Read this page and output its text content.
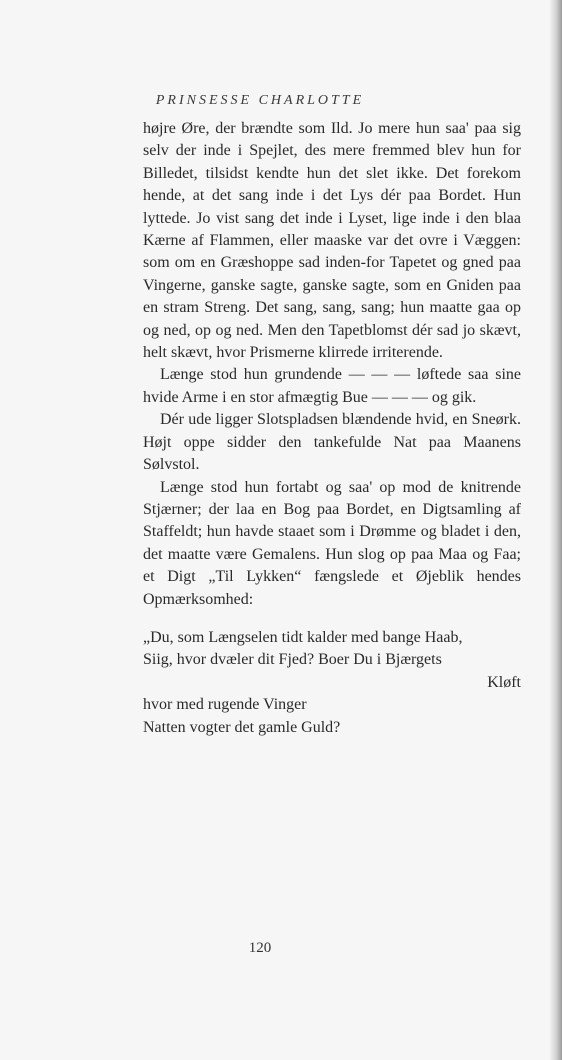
PRINSESSE CHARLOTTE

højre Øre, der brændte som Ild. Jo mere hun saa' paa sig selv der inde i Spejlet, des mere fremmed blev hun for Billedet, tilsidst kendte hun det slet ikke. Det forekom hende, at det sang inde i det Lys dér paa Bordet. Hun lyttede. Jo vist sang det inde i Lyset, lige inde i den blaa Kærne af Flammen, eller maaske var det ovre i Væggen: som om en Græshoppe sad inden-for Tapetet og gned paa Vingerne, ganske sagte, ganske sagte, som en Gniden paa en stram Streng. Det sang, sang, sang; hun maatte gaa op og ned, op og ned. Men den Tapetblomst dér sad jo skævt, helt skævt, hvor Prismerne klirrede irriterende.

Længe stod hun grundende — — — løftede saa sine hvide Arme i en stor afmægtig Bue — — — og gik.

Dér ude ligger Slotspladsen blændende hvid, en Sneørk. Højt oppe sidder den tankefulde Nat paa Maanens Sølvstol.

Længe stod hun fortabt og saa' op mod de knitrende Stjærner; der laa en Bog paa Bordet, en Digtsamling af Staffeldt; hun havde staaet som i Drømme og bladet i den, det maatte være Gemalens. Hun slog op paa Maa og Faa; et Digt „Til Lykken“ fængslede et Øjeblik hendes Opmærksomhed:

„Du, som Længselen tidt kalder med bange Haab,
Siig, hvor dvæler dit Fjed? Boer Du i Bjærgets
Kløft
hvor med rugende Vinger
Natten vogter det gamle Guld?
120
